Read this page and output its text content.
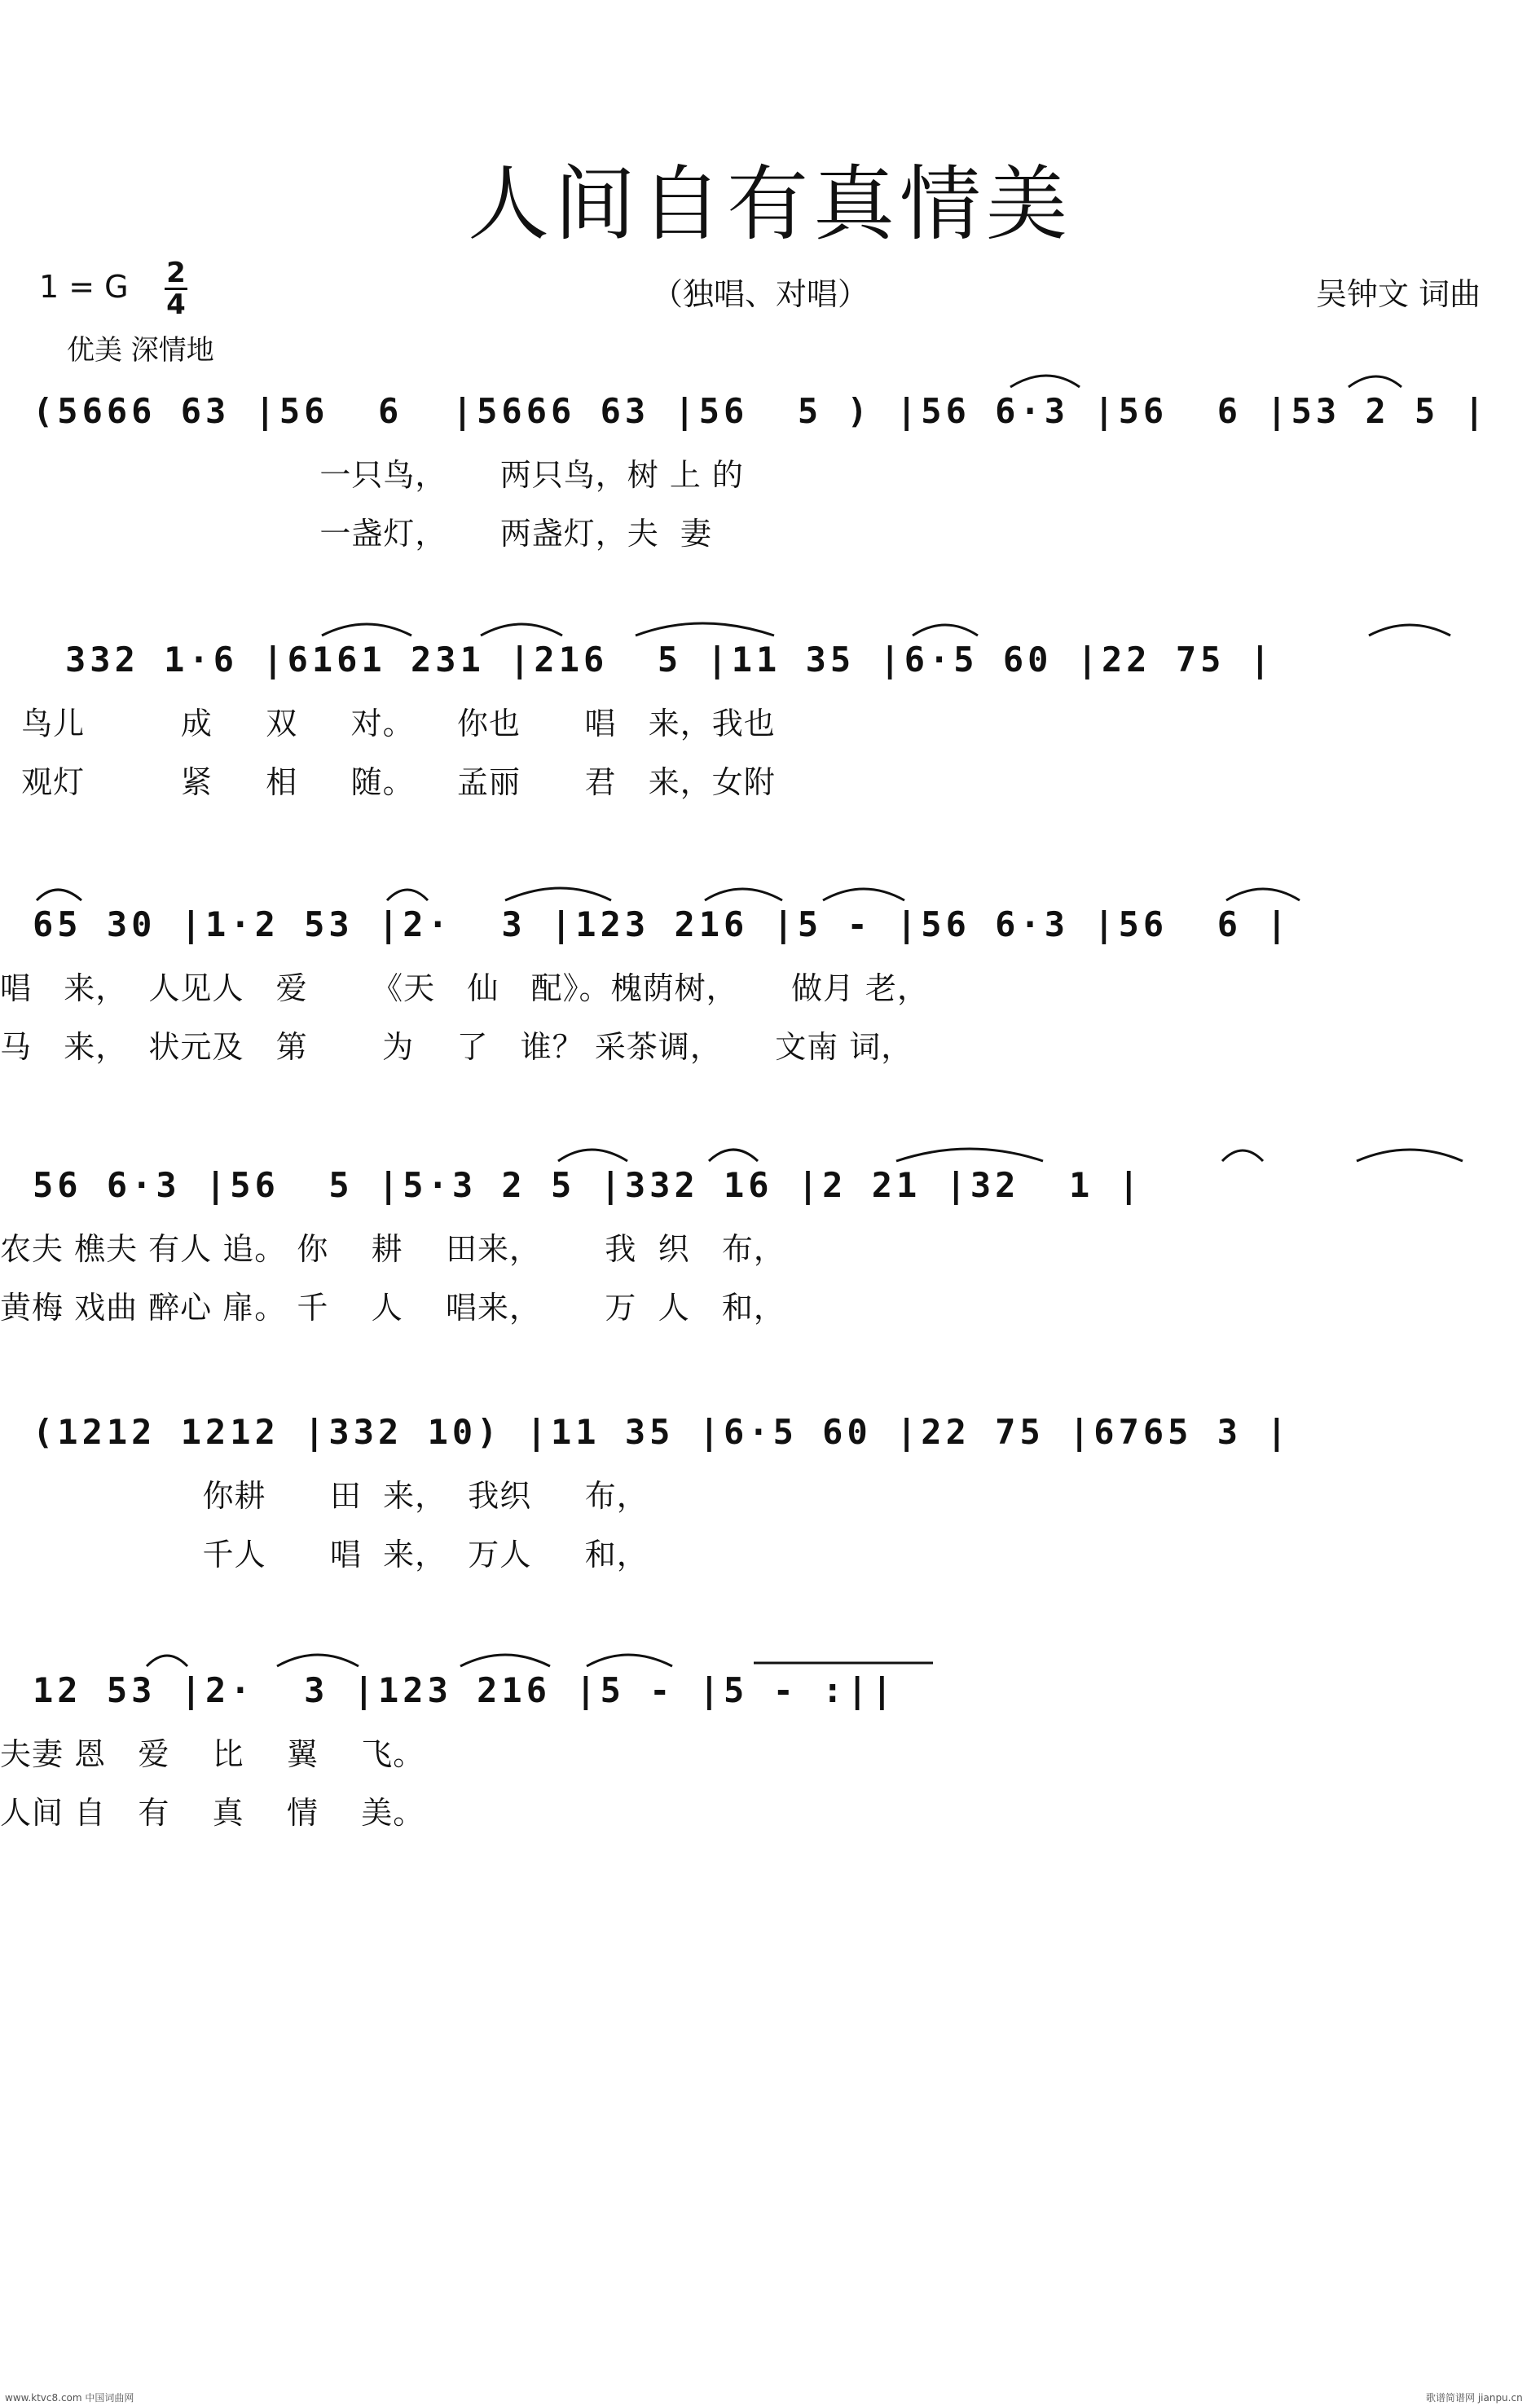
人间自有真情美
1 = G 2
4	（独唱、对唱）	吴钟文 词曲
优美 深情地
(5666 63 |56  6  |5666 63 |56  5 ) |56 6·3 |56  6 |53 2 5 |
一只鸟，     两只鸟，树 上 的
一盏灯，     两盏灯，夫  妻
332 1·6 |6161 231 |216  5 |11 35 |6·5 60 |22 75 |
鸟儿         成     双     对。    你也      唱   来，我也
观灯         紧     相     随。    孟丽      君   来，女附
65 30 |1·2 53 |2·  3 |123 216 |5 - |56 6·3 |56  6 |
唱   来，  人见人   爱      《天   仙   配》。槐荫树，     做月 老，
马   来，  状元及   第       为    了   谁？ 采茶调，     文南 词，
56 6·3 |56  5 |5·3 2 5 |332 16 |2 21 |32  1 |
农夫 樵夫 有人 追。 你    耕    田来，      我  织   布，
黄梅 戏曲 醉心 扉。 千    人    唱来，      万  人   和，
(1212 1212 |332 10) |11 35 |6·5 60 |22 75 |6765 3 |
你耕      田  来，  我织     布，
千人      唱  来，  万人     和，
12 53 |2·  3 |123 216 |5 - |5 - :||
夫妻 恩   爱    比    翼    飞。
人间 自   有    真    情    美。
www.ktvc8.com 中国词曲网	歌谱简谱网 jianpu.cn
